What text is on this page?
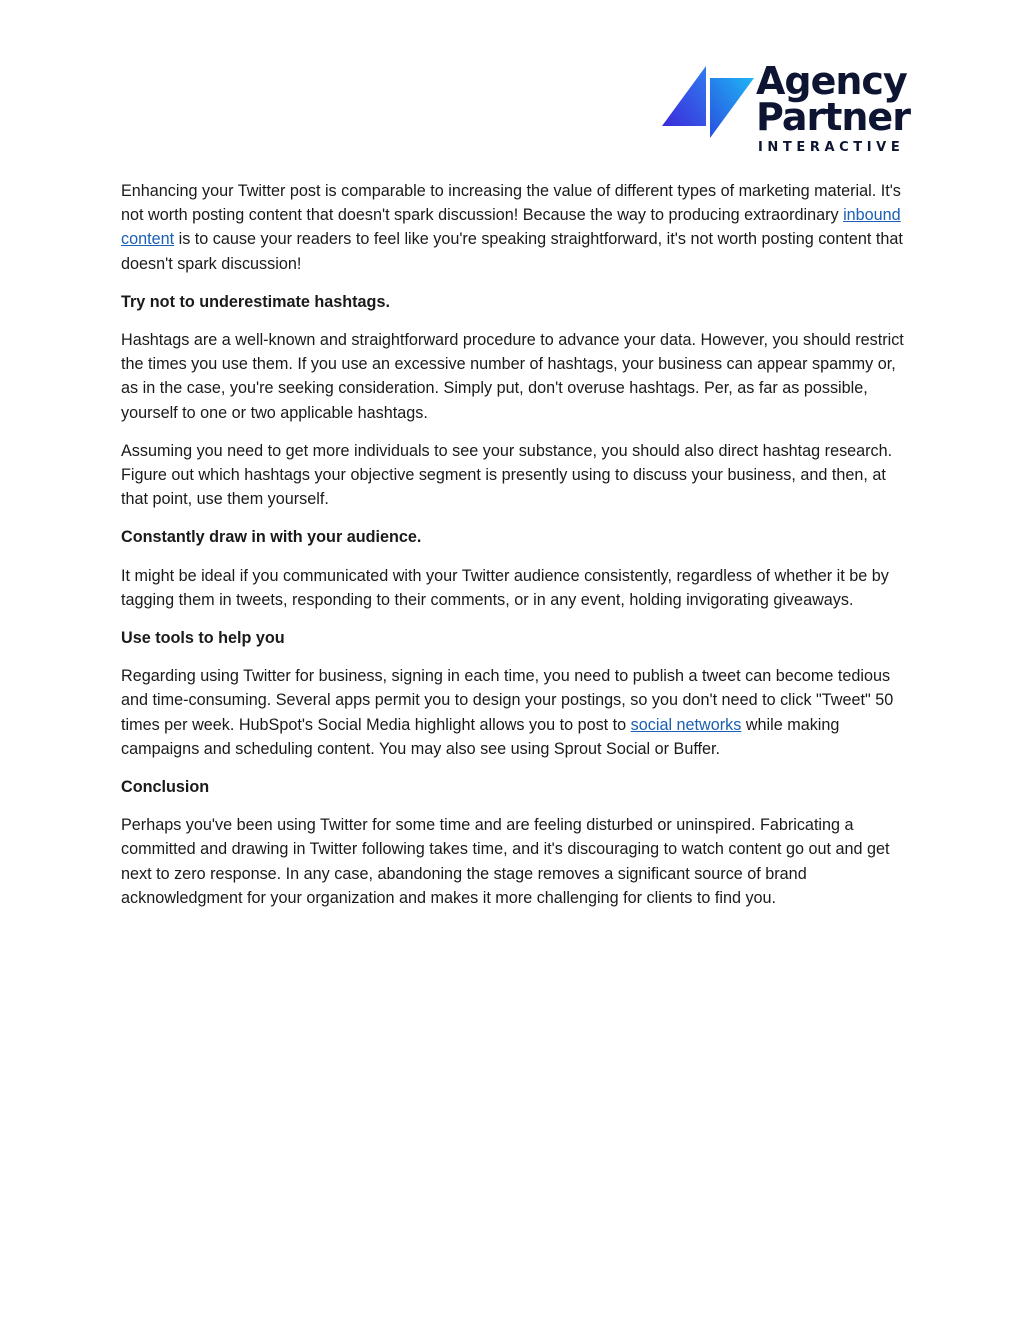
Agency
Partner
INTERACTIVE

Enhancing your Twitter post is comparable to increasing the value of different types of marketing material. It's not worth posting content that doesn't spark discussion! Because the way to producing extraordinary inbound content is to cause your readers to feel like you're speaking straightforward, it's not worth posting content that doesn't spark discussion!

Try not to underestimate hashtags.

Hashtags are a well-known and straightforward procedure to advance your data. However, you should restrict the times you use them. If you use an excessive number of hashtags, your business can appear spammy or, as in the case, you're seeking consideration. Simply put, don't overuse hashtags. Per, as far as possible, yourself to one or two applicable hashtags.

Assuming you need to get more individuals to see your substance, you should also direct hashtag research. Figure out which hashtags your objective segment is presently using to discuss your business, and then, at that point, use them yourself.

Constantly draw in with your audience.

It might be ideal if you communicated with your Twitter audience consistently, regardless of whether it be by tagging them in tweets, responding to their comments, or in any event, holding invigorating giveaways.

Use tools to help you

Regarding using Twitter for business, signing in each time, you need to publish a tweet can become tedious and time-consuming. Several apps permit you to design your postings, so you don't need to click "Tweet" 50 times per week. HubSpot's Social Media highlight allows you to post to social networks while making campaigns and scheduling content. You may also see using Sprout Social or Buffer.

Conclusion

Perhaps you've been using Twitter for some time and are feeling disturbed or uninspired. Fabricating a committed and drawing in Twitter following takes time, and it's discouraging to watch content go out and get next to zero response. In any case, abandoning the stage removes a significant source of brand acknowledgment for your organization and makes it more challenging for clients to find you.
